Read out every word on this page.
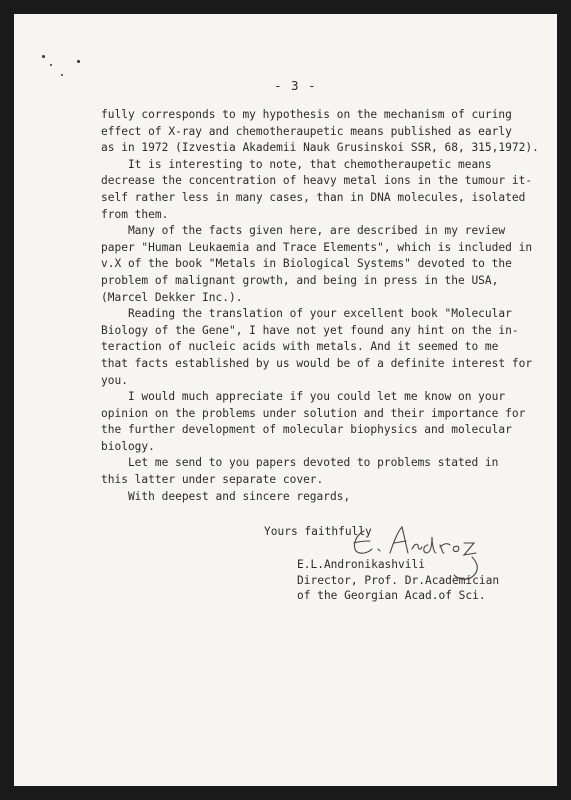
- 3 -

fully corresponds to my hypothesis on the mechanism of curing

effect of X-ray and chemotheraupetic means published as early

as in 1972 (Izvestia Akademii Nauk Grusinskoi SSR, 68, 315,1972).

It is interesting to note, that chemotheraupetic means

decrease the concentration of heavy metal ions in the tumour it-

self rather less in many cases, than in DNA molecules, isolated

from them.

Many of the facts given here, are described in my review

paper "Human Leukaemia and Trace Elements", which is included in

v.X of the book "Metals in Biological Systems" devoted to the

problem of malignant growth, and being in press in the USA,

(Marcel Dekker Inc.).

Reading the translation of your excellent book "Molecular

Biology of the Gene", I have not yet found any hint on the in-

teraction of nucleic acids with metals. And it seemed to me

that facts established by us would be of a definite interest for

you.

I would much appreciate if you could let me know on your

opinion on the problems under solution and their importance for

the further development of molecular biophysics and molecular

biology.

Let me send to you papers devoted to problems stated in

this latter under separate cover.

With deepest and sincere regards,

Yours faithfully
E.L.Andronikashvili
Director, Prof. Dr.Academician
of the Georgian Acad.of Sci.
